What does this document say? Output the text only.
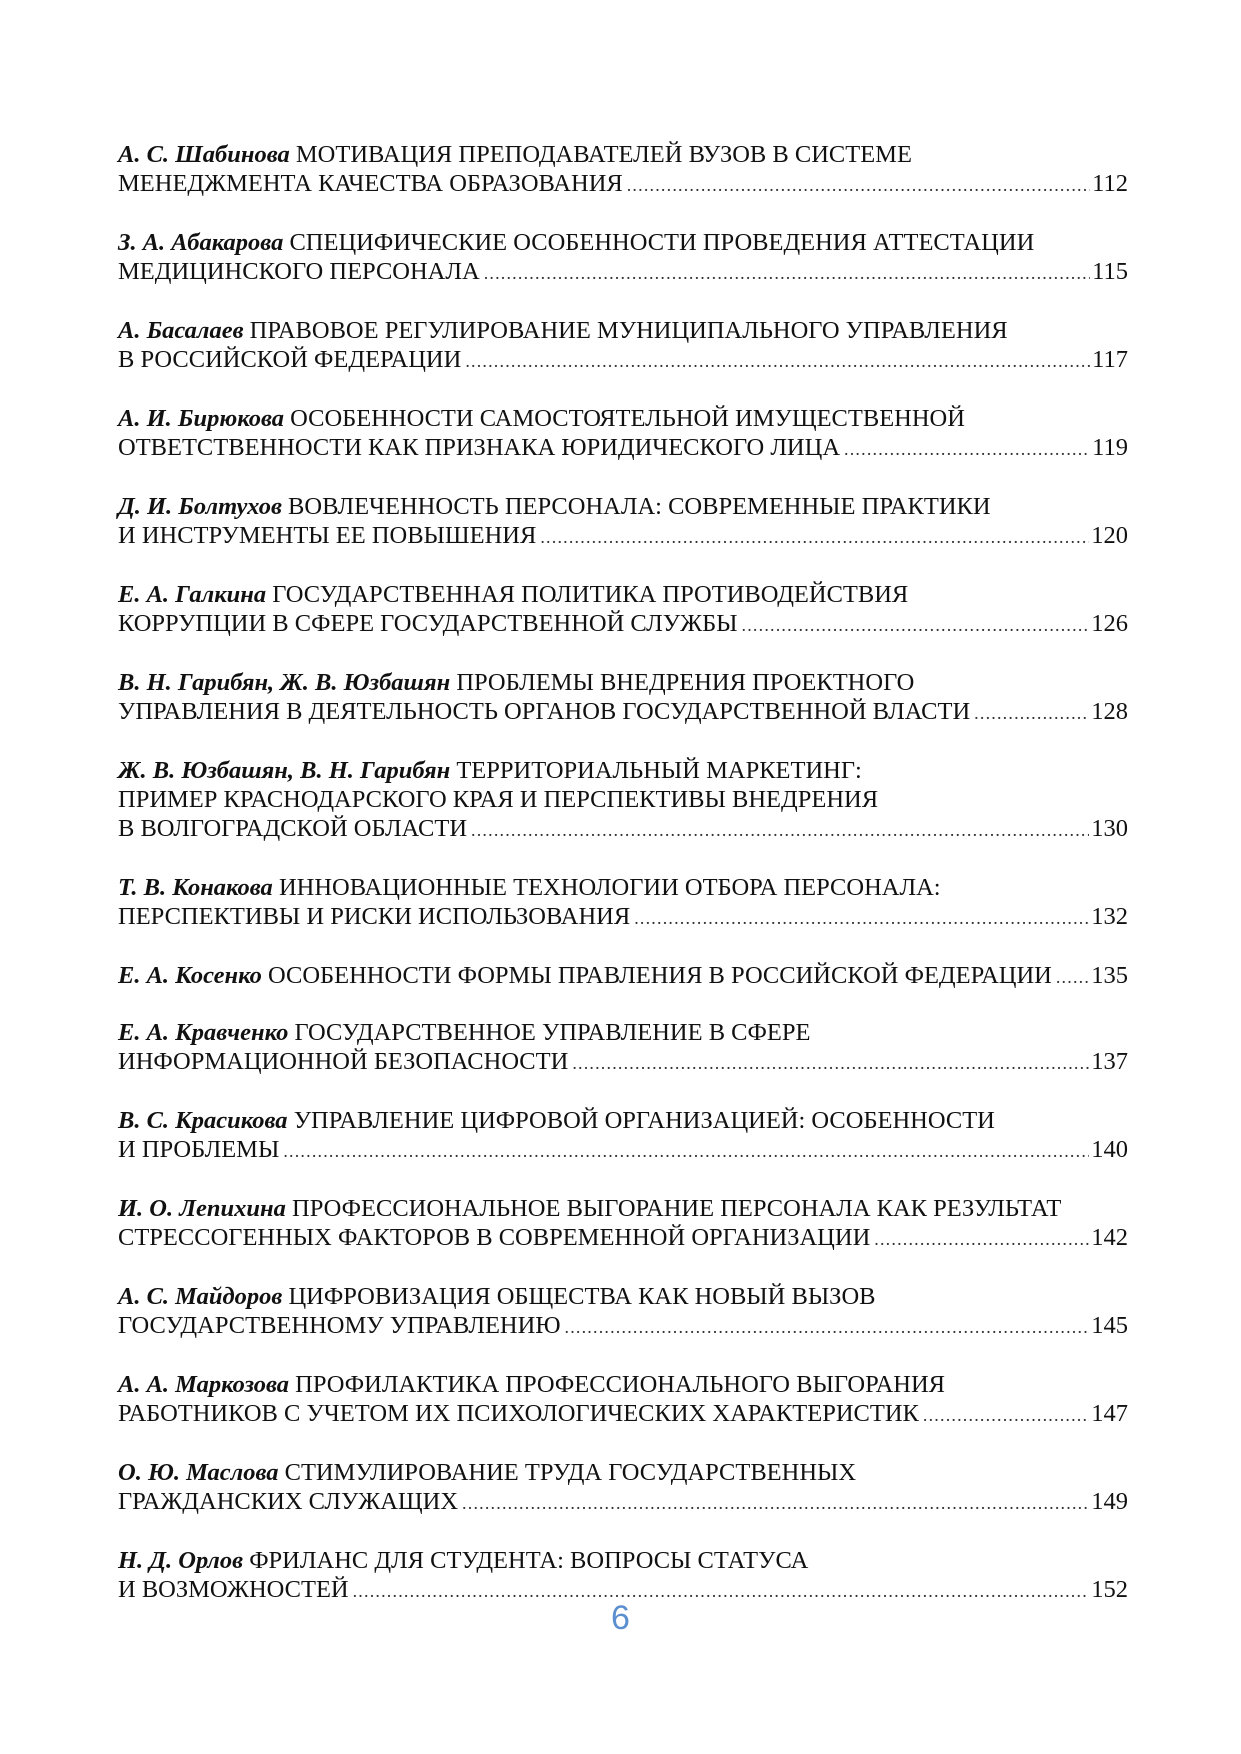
А. С. Шабинова МОТИВАЦИЯ ПРЕПОДАВАТЕЛЕЙ ВУЗОВ В СИСТЕМЕ
МЕНЕДЖМЕНТА КАЧЕСТВА ОБРАЗОВАНИЯ .....	112
З. А. Абакарова СПЕЦИФИЧЕСКИЕ ОСОБЕННОСТИ ПРОВЕДЕНИЯ АТТЕСТАЦИИ
МЕДИЦИНСКОГО ПЕРСОНАЛА .....	115
А. Басалаев ПРАВОВОЕ РЕГУЛИРОВАНИЕ МУНИЦИПАЛЬНОГО УПРАВЛЕНИЯ
В РОССИЙСКОЙ ФЕДЕРАЦИИ .....	117
А. И. Бирюкова ОСОБЕННОСТИ САМОСТОЯТЕЛЬНОЙ ИМУЩЕСТВЕННОЙ
ОТВЕТСТВЕННОСТИ КАК ПРИЗНАКА ЮРИДИЧЕСКОГО ЛИЦА .....	119
Д. И. Болтухов ВОВЛЕЧЕННОСТЬ ПЕРСОНАЛА: СОВРЕМЕННЫЕ ПРАКТИКИ
И ИНСТРУМЕНТЫ ЕЕ ПОВЫШЕНИЯ .....	120
Е. А. Галкина ГОСУДАРСТВЕННАЯ ПОЛИТИКА ПРОТИВОДЕЙСТВИЯ
КОРРУПЦИИ В СФЕРЕ ГОСУДАРСТВЕННОЙ СЛУЖБЫ .....	126
В. Н. Гарибян, Ж. В. Юзбашян ПРОБЛЕМЫ ВНЕДРЕНИЯ ПРОЕКТНОГО
УПРАВЛЕНИЯ В ДЕЯТЕЛЬНОСТЬ ОРГАНОВ ГОСУДАРСТВЕННОЙ ВЛАСТИ .....	128
Ж. В. Юзбашян, В. Н. Гарибян ТЕРРИТОРИАЛЬНЫЙ МАРКЕТИНГ:
ПРИМЕР КРАСНОДАРСКОГО КРАЯ И ПЕРСПЕКТИВЫ ВНЕДРЕНИЯ
В ВОЛГОГРАДСКОЙ ОБЛАСТИ .....	130
Т. В. Конакова ИННОВАЦИОННЫЕ ТЕХНОЛОГИИ ОТБОРА ПЕРСОНАЛА:
ПЕРСПЕКТИВЫ И РИСКИ ИСПОЛЬЗОВАНИЯ .....	132
Е. А. Косенко ОСОБЕННОСТИ ФОРМЫ ПРАВЛЕНИЯ В РОССИЙСКОЙ ФЕДЕРАЦИИ ..... 135
Е. А. Кравченко ГОСУДАРСТВЕННОЕ УПРАВЛЕНИЕ В СФЕРЕ
ИНФОРМАЦИОННОЙ БЕЗОПАСНОСТИ .....	137
В. С. Красикова УПРАВЛЕНИЕ ЦИФРОВОЙ ОРГАНИЗАЦИЕЙ: ОСОБЕННОСТИ
И ПРОБЛЕМЫ .....	140
И. О. Лепихина ПРОФЕССИОНАЛЬНОЕ ВЫГОРАНИЕ ПЕРСОНАЛА КАК РЕЗУЛЬТАТ
СТРЕССОГЕННЫХ ФАКТОРОВ В СОВРЕМЕННОЙ ОРГАНИЗАЦИИ .....	142
А. С. Майдоров ЦИФРОВИЗАЦИЯ ОБЩЕСТВА КАК НОВЫЙ ВЫЗОВ
ГОСУДАРСТВЕННОМУ УПРАВЛЕНИЮ .....	145
А. А. Маркозова ПРОФИЛАКТИКА ПРОФЕССИОНАЛЬНОГО ВЫГОРАНИЯ
РАБОТНИКОВ С УЧЕТОМ ИХ ПСИХОЛОГИЧЕСКИХ ХАРАКТЕРИСТИК .....	147
О. Ю. Маслова СТИМУЛИРОВАНИЕ ТРУДА ГОСУДАРСТВЕННЫХ
ГРАЖДАНСКИХ СЛУЖАЩИХ .....	149
Н. Д. Орлов ФРИЛАНС ДЛЯ СТУДЕНТА: ВОПРОСЫ СТАТУСА
И ВОЗМОЖНОСТЕЙ .....	152
6
